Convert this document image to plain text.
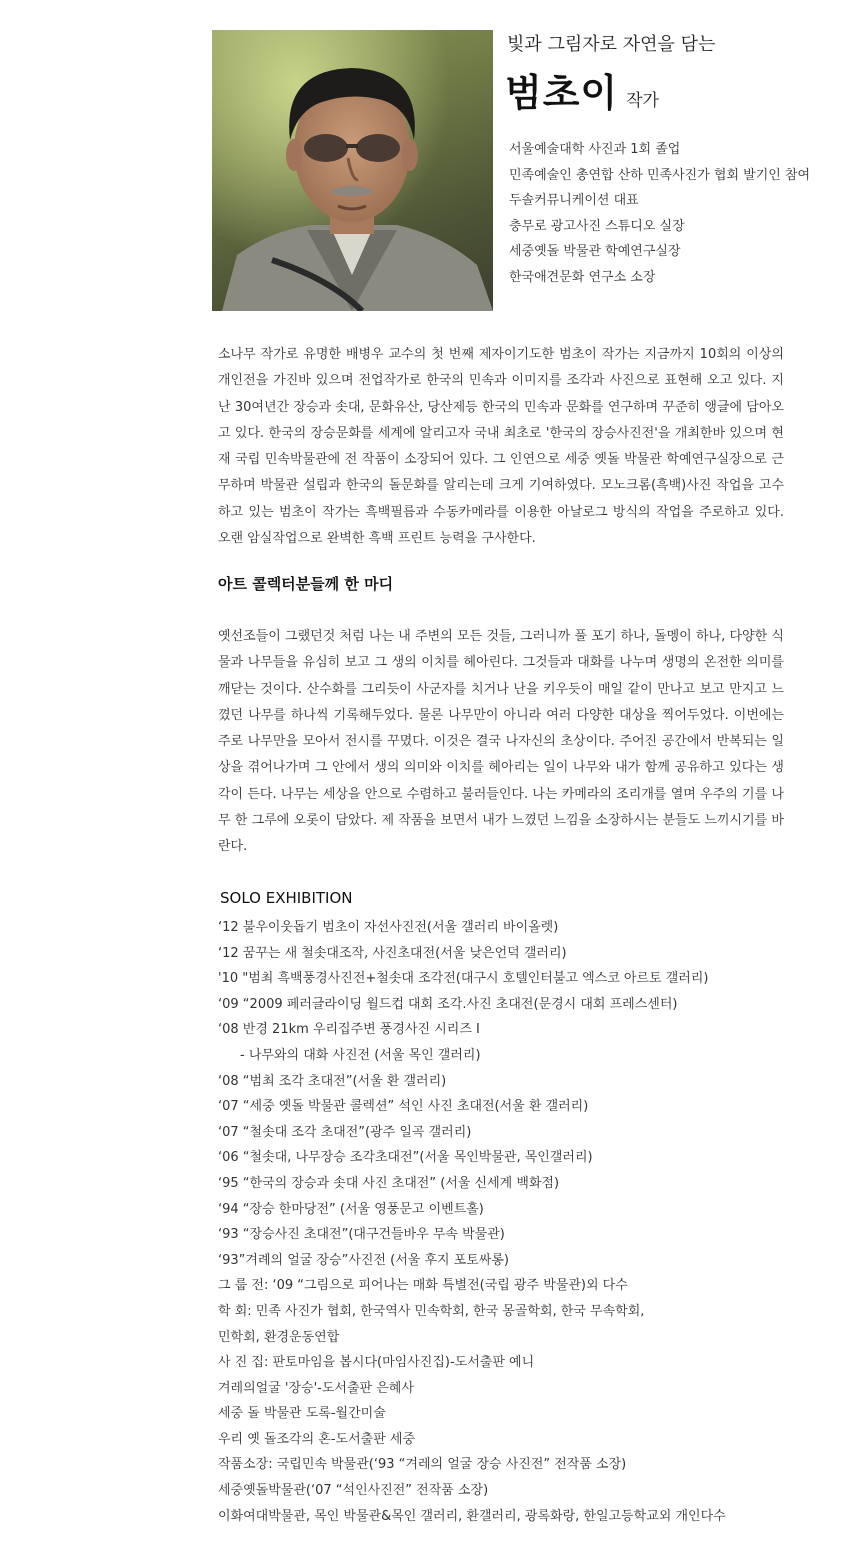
빛과 그림자로 자연을 담는
범초이 작가
서울예술대학 사진과 1회 졸업
민족예술인 총연합 산하 민족사진가 협회 발기인 참여
두솔커뮤니케이션 대표
충무로 광고사진 스튜디오 실장
세중옛돌 박물관 학예연구실장
한국애견문화 연구소 소장

소나무 작가로 유명한 배병우 교수의 첫 번째 제자이기도한 범초이 작가는 지금까지 10회의 이상의 개인전을 가진바 있으며 전업작가로 한국의 민속과 이미지를 조각과 사진으로 표현해 오고 있다. 지난 30여년간 장승과 솟대, 문화유산, 당산제등 한국의 민속과 문화를 연구하며 꾸준히 앵글에 담아오고 있다. 한국의 장승문화를 세계에 알리고자 국내 최초로 '한국의 장승사진전'을 개최한바 있으며 현재 국립 민속박물관에 전 작품이 소장되어 있다. 그 인연으로 세중 옛돌 박물관 학예연구실장으로 근무하며 박물관 설립과 한국의 돌문화를 알리는데 크게 기여하였다. 모노크롬(흑백)사진 작업을 고수하고 있는 범초이 작가는 흑백필름과 수동카메라를 이용한 아날로그 방식의 작업을 주로하고 있다. 오랜 암실작업으로 완벽한 흑백 프린트 능력을 구사한다.

아트 콜렉터분들께 한 마디

옛선조들이 그랬던것 처럼 나는 내 주변의 모든 것들, 그러니까 풀 포기 하나, 돌멩이 하나, 다양한 식물과 나무들을 유심히 보고 그 생의 이치를 헤아린다. 그것들과 대화를 나누며 생명의 온전한 의미를 깨닫는 것이다. 산수화를 그리듯이 사군자를 치거나 난을 키우듯이 매일 같이 만나고 보고 만지고 느꼈던 나무를 하나씩 기록해두었다. 물론 나무만이 아니라 여러 다양한 대상을 찍어두었다. 이번에는 주로 나무만을 모아서 전시를 꾸몄다. 이것은 결국 나자신의 초상이다. 주어진 공간에서 반복되는 일상을 겪어나가며 그 안에서 생의 의미와 이치를 헤아리는 일이 나무와 내가 함께 공유하고 있다는 생각이 든다. 나무는 세상을 안으로 수렴하고 불러들인다. 나는 카메라의 조리개를 열며 우주의 기를 나무 한 그루에 오롯이 담았다. 제 작품을 보면서 내가 느꼈던 느낌을 소장하시는 분들도 느끼시기를 바란다.

SOLO EXHIBITION
‘12 불우이웃돕기 범초이 자선사진전(서울 갤러리 바이올렛)
‘12 꿈꾸는 새 철솟대조작, 사진초대전(서울 낮은언덕 갤러리)
'10 "범최 흑백풍경사진전+철솟대 조각전(대구시 호텔인터불고 엑스코 아르토 갤러리)
‘09 “2009 페러글라이딩 월드컵 대회 조각.사진 초대전(문경시 대회 프레스센터)
‘08 반경 21km 우리집주변 풍경사진 시리즈 Ⅰ
- 나무와의 대화 사진전 (서울 목인 갤러리)
‘08 “범최 조각 초대전”(서울 환 갤러리)
‘07 “세중 옛돌 박물관 콜렉션” 석인 사진 초대전(서울 환 갤러리)
‘07 “철솟대 조각 초대전”(광주 일곡 갤러리)
‘06 “철솟대, 나무장승 조각초대전”(서울 목인박물관, 목인갤러리)
‘95 “한국의 장승과 솟대 사진 초대전” (서울 신세계 백화점)
‘94 “장승 한마당전” (서울 영풍문고 이벤트홀)
‘93 “장승사진 초대전”(대구건들바우 무속 박물관)
‘93”겨례의 얼굴 장승”사진전 (서울 후지 포토싸롱)
그 룹 전: ‘09 “그림으로 피어나는 매화 특별전(국립 광주 박물관)외 다수
학 회: 민족 사진가 협회, 한국역사 민속학회, 한국 몽골학회, 한국 무속학회,
민학회, 환경운동연합
사 진 집: 판토마임을 봅시다(마임사진집)-도서출판 예니
겨레의얼굴 '장승'-도서출판 은혜사
세중 돌 박물관 도록-월간미술
우리 옛 돌조각의 혼-도서출판 세중
작품소장: 국립민속 박물관(‘93 “겨레의 얼굴 장승 사진전” 전작품 소장)
세중옛돌박물관(‘07 “석인사진전” 전작품 소장)
이화여대박물관, 목인 박물관&목인 갤러리, 환갤러리, 광록화랑, 한일고등학교외 개인다수
